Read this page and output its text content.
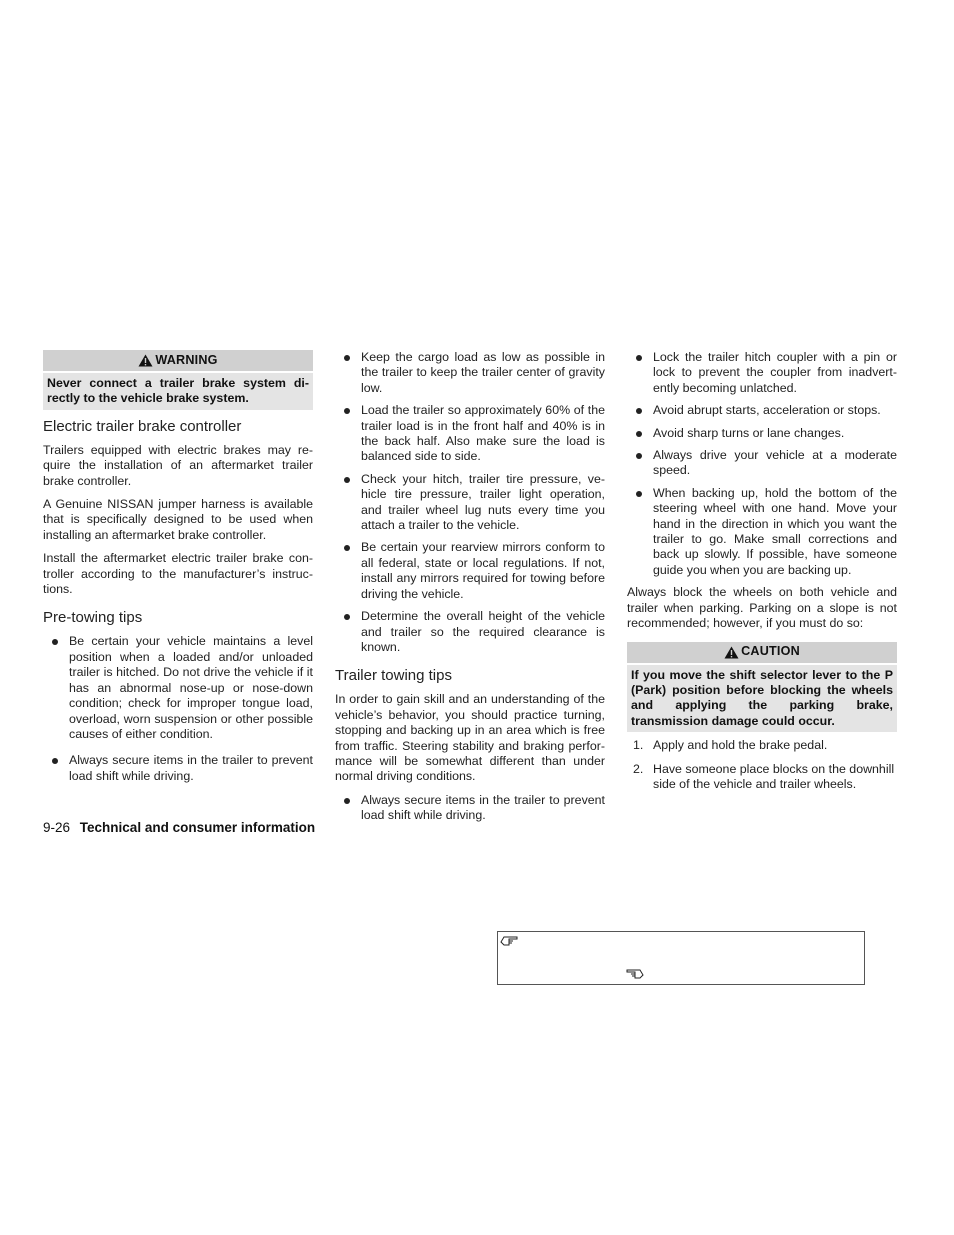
WARNING
Never connect a trailer brake system di-rectly to the vehicle brake system.
Electric trailer brake controller

Trailers equipped with electric brakes may re-quire the installation of an aftermarket trailer brake controller.

A Genuine NISSAN jumper harness is available that is specifically designed to be used when installing an aftermarket brake controller.

Install the aftermarket electric trailer brake con-troller according to the manufacturer’s instruc-tions.

Pre-towing tips
Be certain your vehicle maintains a level position when a loaded and/or unloaded trailer is hitched. Do not drive the vehicle if it has an abnormal nose-up or nose-down condition; check for improper tongue load, overload, worn suspension or other possible causes of either condition.
Always secure items in the trailer to prevent load shift while driving.
Keep the cargo load as low as possible in the trailer to keep the trailer center of gravity low.
Load the trailer so approximately 60% of the trailer load is in the front half and 40% is in the back half. Also make sure the load is balanced side to side.
Check your hitch, trailer tire pressure, ve-hicle tire pressure, trailer light operation, and trailer wheel lug nuts every time you attach a trailer to the vehicle.
Be certain your rearview mirrors conform to all federal, state or local regulations. If not, install any mirrors required for towing before driving the vehicle.
Determine the overall height of the vehicle and trailer so the required clearance is known.
Trailer towing tips

In order to gain skill and an understanding of the vehicle’s behavior, you should practice turning, stopping and backing up in an area which is free from traffic. Steering stability and braking perfor-mance will be somewhat different than under normal driving conditions.

Always secure items in the trailer to prevent load shift while driving.
Lock the trailer hitch coupler with a pin or lock to prevent the coupler from inadvert-ently becoming unlatched.
Avoid abrupt starts, acceleration or stops.
Avoid sharp turns or lane changes.
Always drive your vehicle at a moderate speed.
When backing up, hold the bottom of the steering wheel with one hand. Move your hand in the direction in which you want the trailer to go. Make small corrections and back up slowly. If possible, have someone guide you when you are backing up.

Always block the wheels on both vehicle and trailer when parking. Parking on a slope is not recommended; however, if you must do so:

CAUTION
If you move the shift selector lever to the P (Park) position before blocking the wheels and applying the parking brake, transmission damage could occur.
1. Apply and hold the brake pedal.
2. Have someone place blocks on the downhill side of the vehicle and trailer wheels.
9-26 Technical and consumer information
